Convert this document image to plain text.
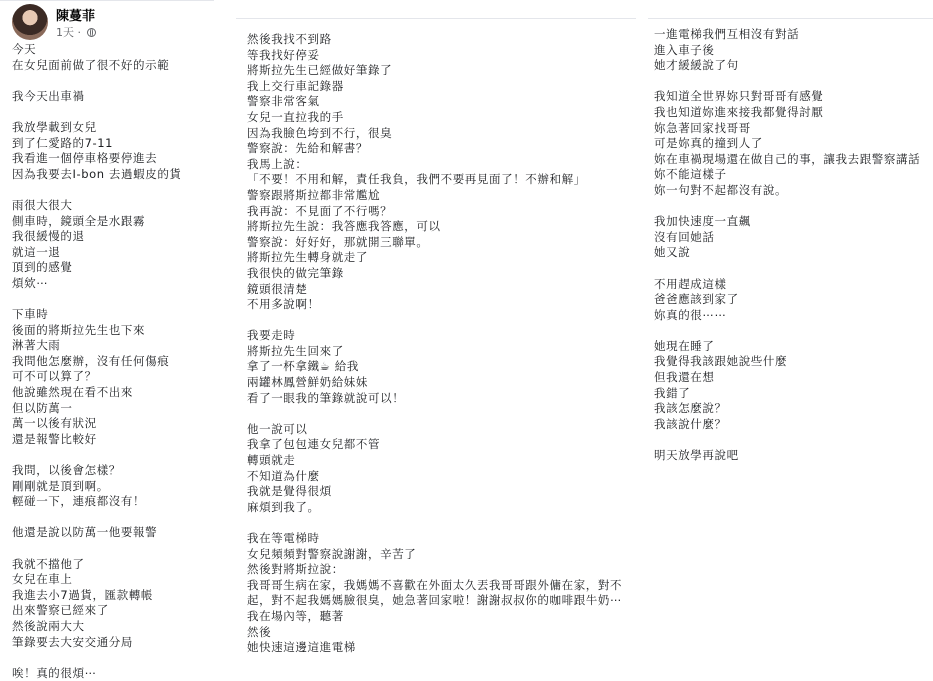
陳蔓菲
1天 ·
今天
在女兒面前做了很不好的示範

我今天出車禍

我放學載到女兒
到了仁愛路的7-11
我看進一個停車格要停進去
因為我要去I-bon 去過蝦皮的貨

雨很大很大
側車時，鏡頭全是水跟霧
我很緩慢的退
就這一退
頂到的感覺
煩欸⋯

下車時
後面的將斯拉先生也下來
淋著大雨
我問他怎麼辦，沒有任何傷痕
可不可以算了？
他說雖然現在看不出來
但以防萬一
萬一以後有狀況
還是報警比較好

我問，以後會怎樣？
剛剛就是頂到啊。
輕碰一下，連痕都沒有！

他還是說以防萬一他要報警

我就不擋他了
女兒在車上
我進去小7過貨，匯款轉帳
出來警察已經來了
然後說兩大大
筆錄要去大安交通分局

唉！真的很煩⋯
然後我找不到路
等我找好停妥
將斯拉先生已經做好筆錄了
我上交行車記錄器
警察非常客氣
女兒一直拉我的手
因為我臉色垮到不行，很臭
警察說：先給和解書？
我馬上說：
「不要！不用和解，責任我負，我們不要再見面了！不辦和解」
警察跟將斯拉都非常尷尬
我再說：不見面了不行嗎？
將斯拉先生說：我答應我答應，可以
警察說：好好好，那就開三聯單。
將斯拉先生轉身就走了
我很快的做完筆錄
鏡頭很清楚
不用多說啊！

我要走時
將斯拉先生回來了
拿了一杯拿鐵☕ 給我
兩罐林鳳營鮮奶給妹妹
看了一眼我的筆錄就說可以！

他一說可以
我拿了包包連女兒都不管
轉頭就走
不知道為什麼
我就是覺得很煩
麻煩到我了。

我在等電梯時
女兒頻頻對警察說謝謝，辛苦了
然後對將斯拉說：
我哥哥生病在家，我媽媽不喜歡在外面太久丟我哥哥跟外傭在家，對不
起，對不起我媽媽臉很臭，她急著回家啦！謝謝叔叔你的咖啡跟牛奶⋯
我在場內等，聽著
然後
她快速這邊這進電梯
一進電梯我們互相沒有對話
進入車子後
她才緩緩說了句

我知道全世界妳只對哥哥有感覺
我也知道妳進來接我都覺得討厭
妳急著回家找哥哥
可是妳真的撞到人了
妳在車禍現場還在做自己的事，讓我去跟警察講話
妳不能這樣子
妳一句對不起都沒有說。

我加快速度一直飆
沒有回她話
她又說

不用趕成這樣
爸爸應該到家了
妳真的很⋯⋯

她現在睡了
我覺得我該跟她說些什麼
但我還在想
我錯了
我該怎麼說？
我該說什麼？

明天放學再說吧
